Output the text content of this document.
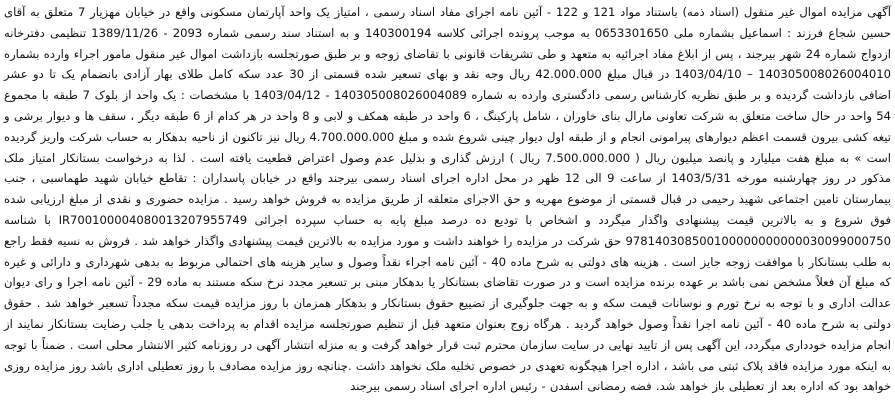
آگهی مزایده اموال غیر منقول (اسناد ذمه) باستناد مواد 121 و 122 - آئین نامه اجرای مفاد اسناد رسمی ، امتیاز یک واحد آپارتمان مسکونی واقع در خیابان مهزیار 7 متعلق به آقای حسین شجاع فرزند : اسماعیل بشماره ملی 0653301650 به موجب پرونده اجرائی کلاسه 140300194 و به استناد سند رسمی شماره 2093 - 1389/11/26 تنظیمی دفترخانه ازدواج شماره 24 شهر بیرجند ، پس از ابلاغ مفاد اجرائیه به متعهد و طی تشریفات قانونی با تقاضای زوجه و بر طبق صورتجلسه بازداشت اموال غیر منقول مامور اجراء وارده بشماره 140305008026004010 – 1403/04/10 در قبال مبلغ 42.000.000 ریال وجه نقد و بهای تسعیر شده قسمتی از 30 عدد سکه کامل طلای بهار آزادی بانضمام یک تا دو عشر اضافی بازداشت گردیده و بر طبق نظریه کارشناس رسمی دادگستری وارده به شماره 140305008026004089 - 1403/04/12 با مشخصات : یک واحد از بلوک 7 طبقه با مجموع 54 واحد در حال ساخت متعلق به شرکت تعاونی مارال بنای خاوران ، شامل پارکینگ ، 6 واحد در طبقه همکف و لابی و 8 واحد در هر کدام از 6 طبقه دیگر ، سقف ها و دیوار برشی و تیغه کشی بیرون قسمت اعظم دیوارهای پیرامونی انجام و از طبقه اول دیوار چینی شروع شده و مبلغ 4.700.000.000 ریال نیز تاکنون از ناحیه بدهکار به حساب شرکت واریز گردیده است » به مبلغ هفت میلیارد و پانصد میلیون ریال ( 7.500.000.000 ریال ) ارزش گذاری و بدلیل عدم وصول اعتراض قطعیت یافته است . لذا به درخواست بستانکار امتیاز ملک مذکور در روز چهارشنبه مورخه 1403/5/31 از ساعت 9 الی 12 ظهر در محل اداره اجرای اسناد رسمی بیرجند واقع در خیابان پاسداران : تقاطع خیابان شهید طهماسبی ، جنب بیمارستان تامین اجتماعی شهید رحیمی در قبال قسمتی از موضوع مهریه و حق الاجرای متعلقه از طریق مزایده به فروش خواهد رسید . مزایده حضوری و نقدی از مبلغ ارزیابی شده فوق شروع و به بالاترین قیمت پیشنهادی واگذار میگردد و اشخاص با تودیع ده درصد مبلغ پایه به حساب سپرده اجرائی IR700100004080013207955749 با شناسه 978140308500100000000000030099000750 حق شرکت در مزایده را خواهند داشت و مورد مزایده به بالاترین قیمت پیشنهادی واگذار خواهد شد . فروش به نسیه فقط راجع به طلب بستانکار با موافقت زوجه جایز است . هزینه های دولتی به شرح ماده 40 - آئین نامه اجراء نقداً وصول و سایر هزینه های احتمالی مربوط به بدهی شهرداری و دارائی و غیره که مبلغ آن فعلاً مشخص نمی باشد بر عهده برنده مزایده است و در صورت تقاضای بستانکار یا بدهکار مبنی بر تسعیر مجدد نرخ سکه مستند به ماده 29 - آئین نامه اجرا و رای دیوان عدالت اداری و با توجه به نرخ تورم و نوسانات قیمت سکه و به جهت جلوگیری از تضییع حقوق بستانکار و بدهکار همزمان با روز مزایده قیمت سکه مجدداً تسعیر خواهد شد . حقوق دولتی به شرح ماده 40 - آئین نامه اجرا نقداً وصول خواهد گردید . هرگاه زوج بعنوان متعهد قبل از تنظیم صورتجلسه مزایده اقدام به پرداخت بدهی یا جلب رضایت بستانکار نمایند از انجام مزایده خودداری میگردد، این آگهی پس از تایید نهایی در سایت سازمان محترم ثبت قرار خواهد گرفت و به منزله انتشار آگهی در روزنامه کثیر الانتشار محلی است . ضمناً با توجه به اینکه مورد مزایده فاقد پلاک ثبتی می باشد ، اداره اجرا هیچگونه تعهدی در خصوص تخلیه ملک نخواهد داشت .چنانچه روز مزایده مصادف با روز تعطیلی اداری باشد روز مزایده روزی خواهد بود که اداره بعد از تعطیلی باز خواهد شد. فضه رمضانی اسفدن - رئیس اداره اجرای اسناد رسمی بیرجند
